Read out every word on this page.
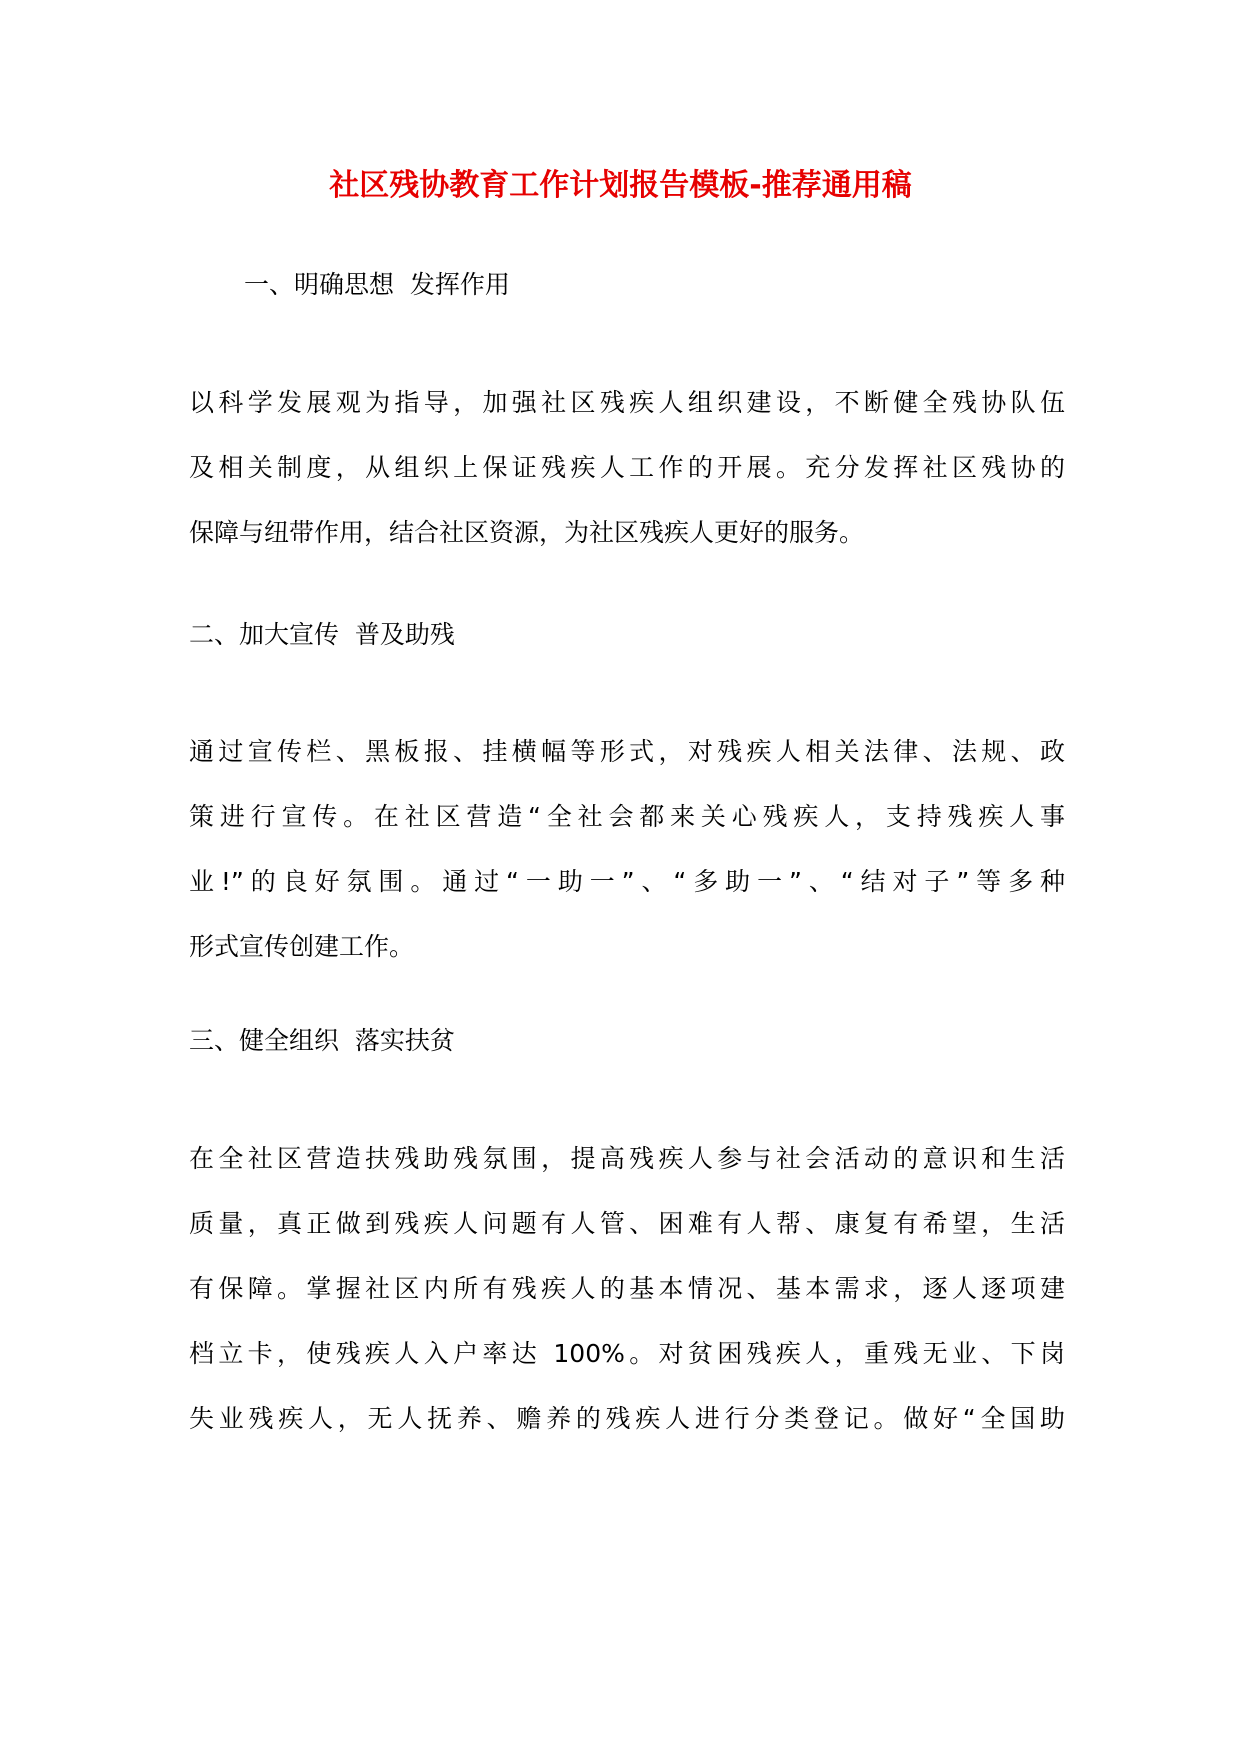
社区残协教育工作计划报告模板-推荐通用稿

一、明确思想  发挥作用

以科学发展观为指导，加强社区残疾人组织建设，不断健全残协队伍
及相关制度，从组织上保证残疾人工作的开展。充分发挥社区残协的
保障与纽带作用，结合社区资源，为社区残疾人更好的服务。

二、加大宣传  普及助残

通过宣传栏、黑板报、挂横幅等形式，对残疾人相关法律、法规、政
策进行宣传。在社区营造“全社会都来关心残疾人，支持残疾人事
业!”的良好氛围。通过“一助一”、“多助一”、“结对子”等多种
形式宣传创建工作。

三、健全组织  落实扶贫

在全社区营造扶残助残氛围，提高残疾人参与社会活动的意识和生活
质量，真正做到残疾人问题有人管、困难有人帮、康复有希望，生活
有保障。掌握社区内所有残疾人的基本情况、基本需求，逐人逐项建
档立卡，使残疾人入户率达 100%。对贫困残疾人，重残无业、下岗
失业残疾人，无人抚养、赡养的残疾人进行分类登记。做好“全国助
